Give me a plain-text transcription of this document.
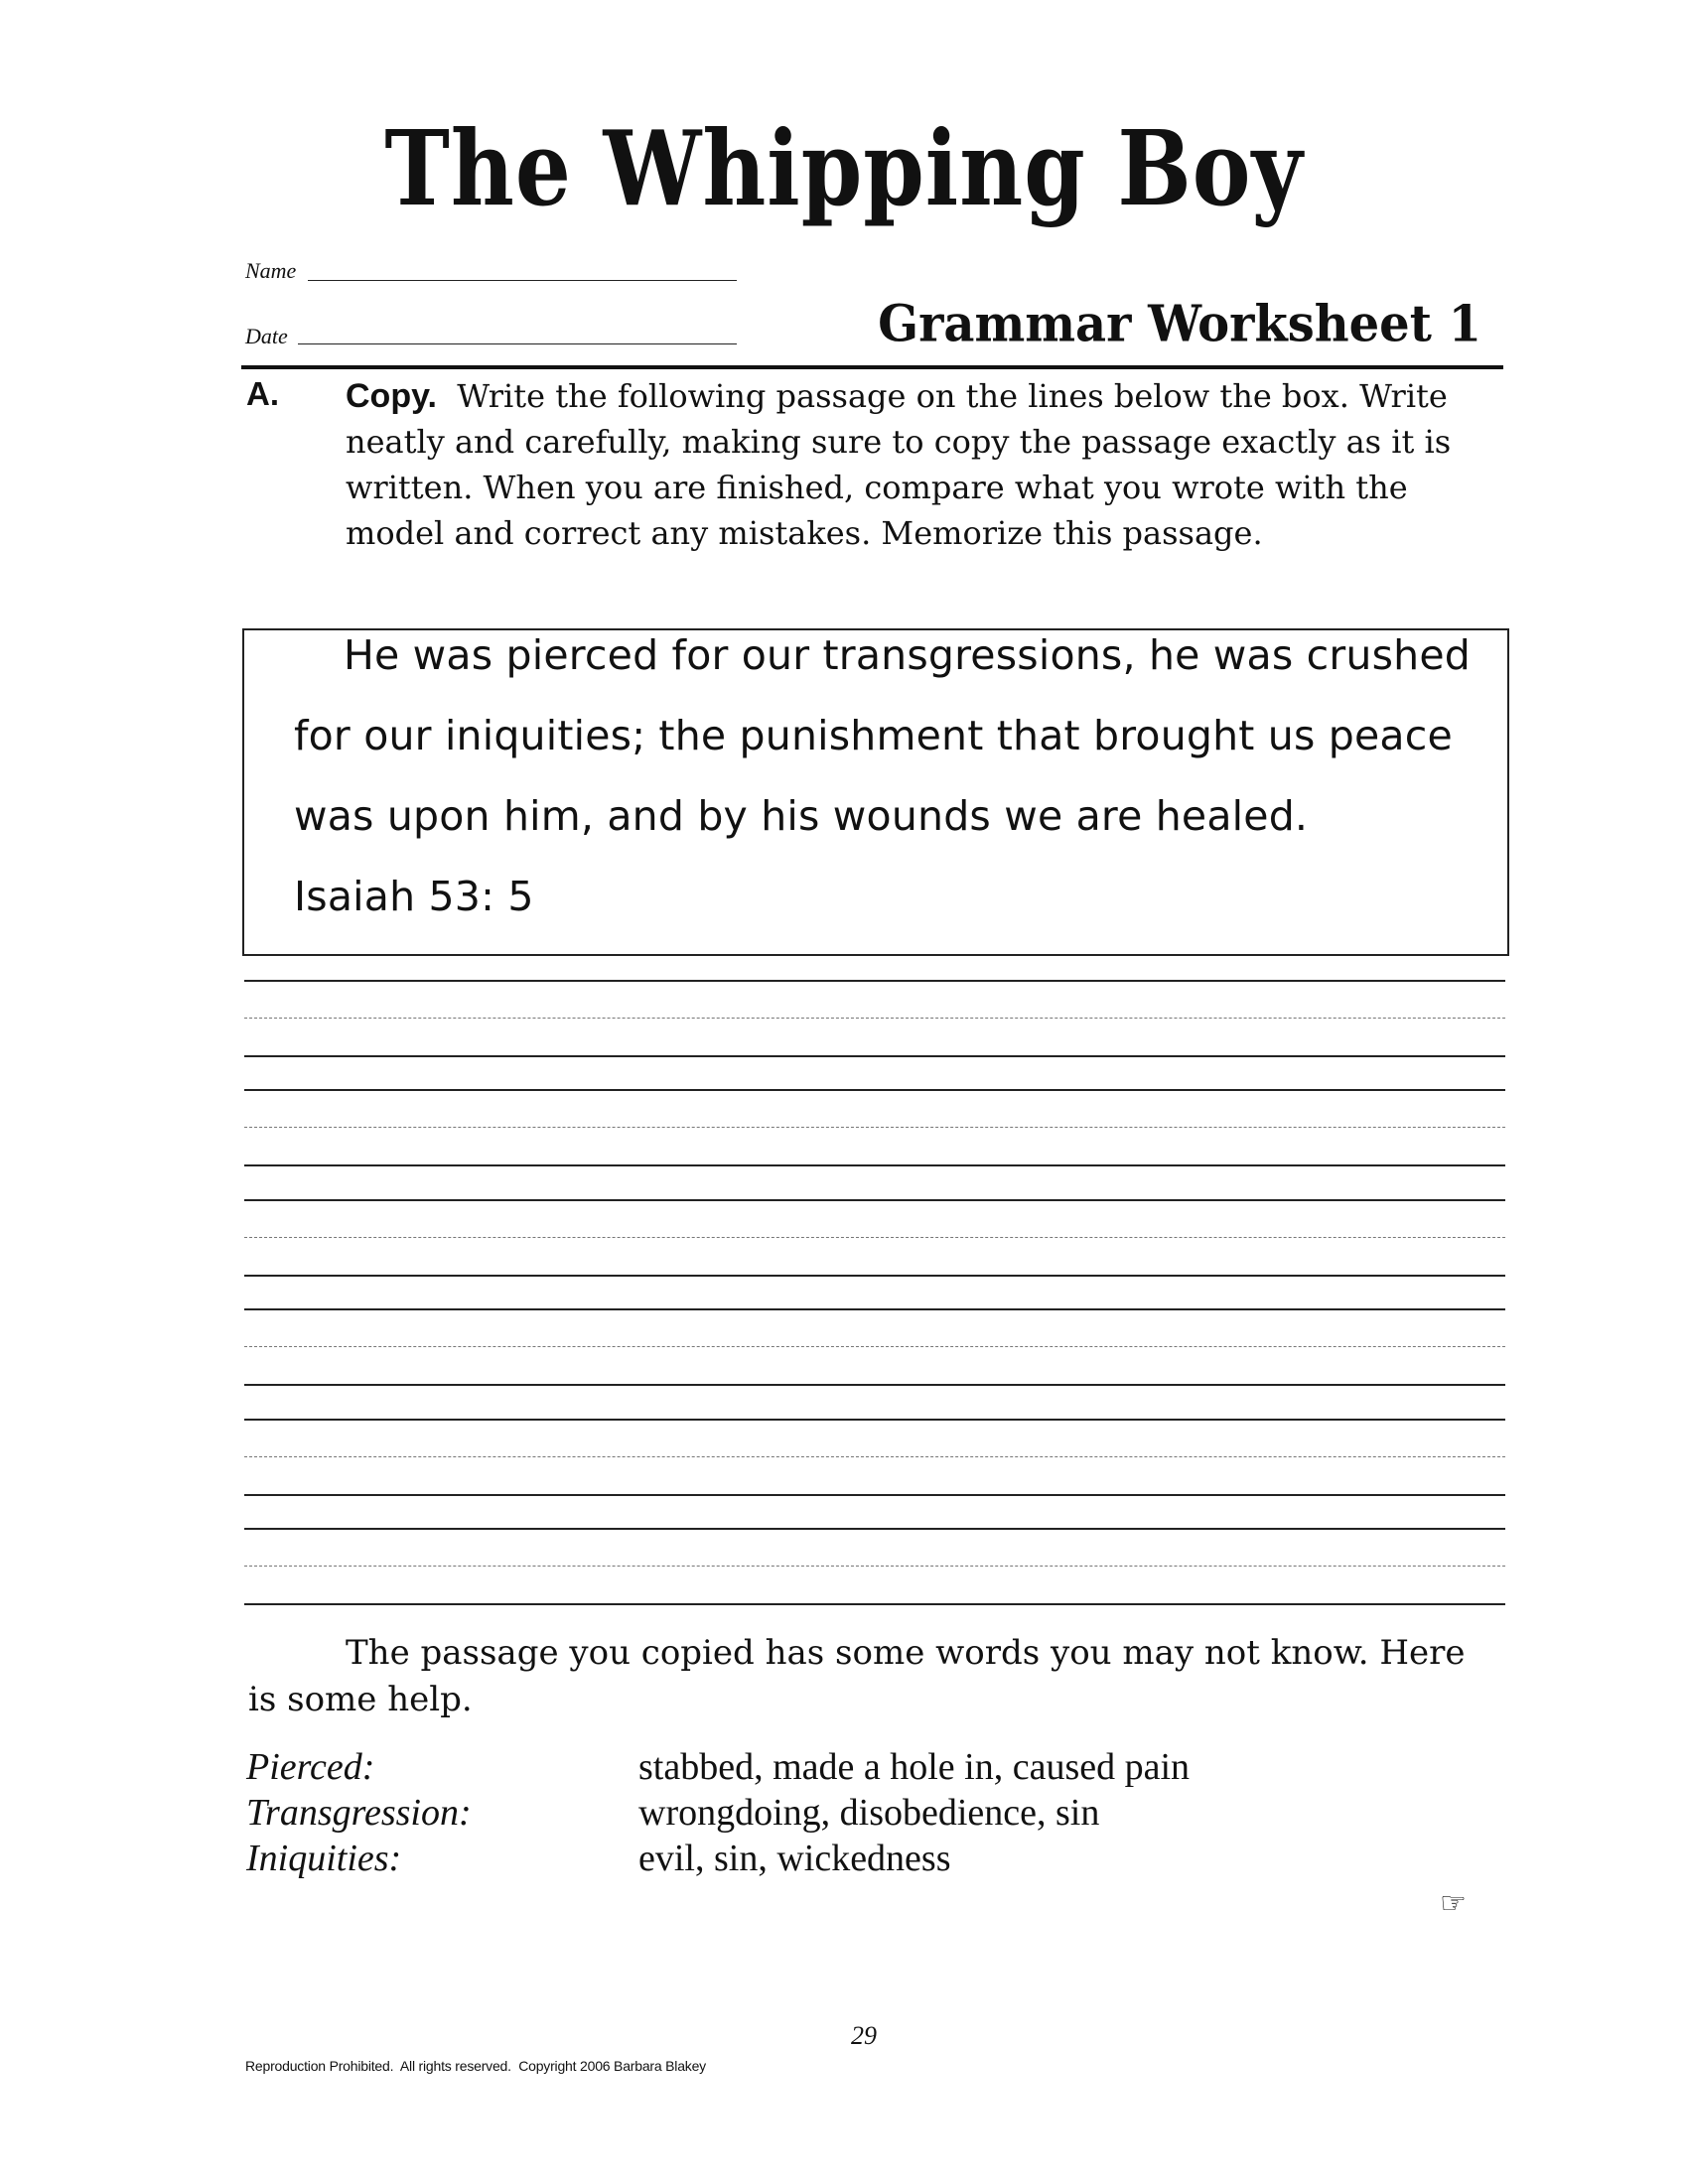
The Whipping Boy
Name
Date	Grammar Worksheet 1
A. Copy. Write the following passage on the lines below the box. Write neatly and carefully, making sure to copy the passage exactly as it is written. When you are finished, compare what you wrote with the model and correct any mistakes. Memorize this passage.
He was pierced for our transgressions, he was crushed
for our iniquities; the punishment that brought us peace
was upon him, and by his wounds we are healed.
Isaiah 53: 5
The passage you copied has some words you may not know. Here is some help.
Pierced:	stabbed, made a hole in, caused pain
Transgression:	wrongdoing, disobedience, sin
Iniquities:	evil, sin, wickedness
☞
29
Reproduction Prohibited.  All rights reserved.  Copyright 2006 Barbara Blakey
